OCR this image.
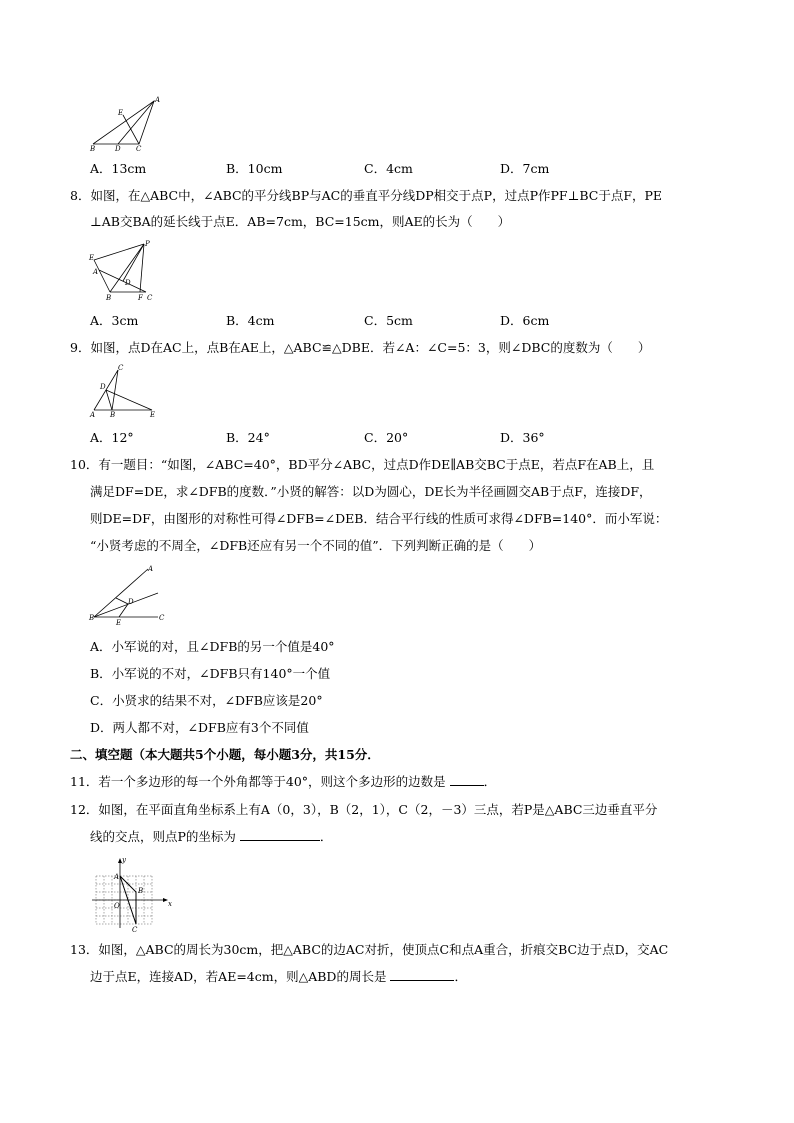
B	D C
E
A
A．13cm	B．10cm	C．4cm	D．7cm
8．如图，在△ABC中，∠ABC的平分线BP与AC的垂直平分线DP相交于点P，过点P作PF⊥BC于点F，PE
⊥AB交BA的延长线于点E．AB=7cm，BC=15cm，则AE的长为（　　）
P
E
A
D
B	F C
A．3cm	B．4cm	C．5cm	D．6cm
9．如图，点D在AC上，点B在AE上，△ABC≌△DBE．若∠A：∠C=5：3，则∠DBC的度数为（　　）
C
D
A B	E
A．12°	B．24°	C．20°	D．36°
10．有一题目：“如图，∠ABC=40°，BD平分∠ABC，过点D作DE∥AB交BC于点E，若点F在AB上，且
满足DF=DE，求∠DFB的度数．”小贤的解答：以D为圆心，DE长为半径画圆交AB于点F，连接DF，
则DE=DF，由图形的对称性可得∠DFB=∠DEB．结合平行线的性质可求得∠DFB=140°．而小军说：
“小贤考虑的不周全，∠DFB还应有另一个不同的值”．下列判断正确的是（　　）
A
B
D
E
C
A．小军说的对，且∠DFB的另一个值是40°
B．小军说的不对，∠DFB只有140°一个值
C．小贤求的结果不对，∠DFB应该是20°
D．两人都不对，∠DFB应有3个不同值
二、填空题（本大题共5个小题，每小题3分，共15分．
11．若一个多边形的每一个外角都等于40°，则这个多边形的边数是	．
12．如图，在平面直角坐标系上有A（0，3），B（2，1），C（2，－3）三点，若P是△ABC三边垂直平分
线的交点，则点P的坐标为	．
y
A
B
O	x
C
13．如图，△ABC的周长为30cm，把△ABC的边AC对折，使顶点C和点A重合，折痕交BC边于点D，交AC
边于点E，连接AD，若AE=4cm，则△ABD的周长是	．
